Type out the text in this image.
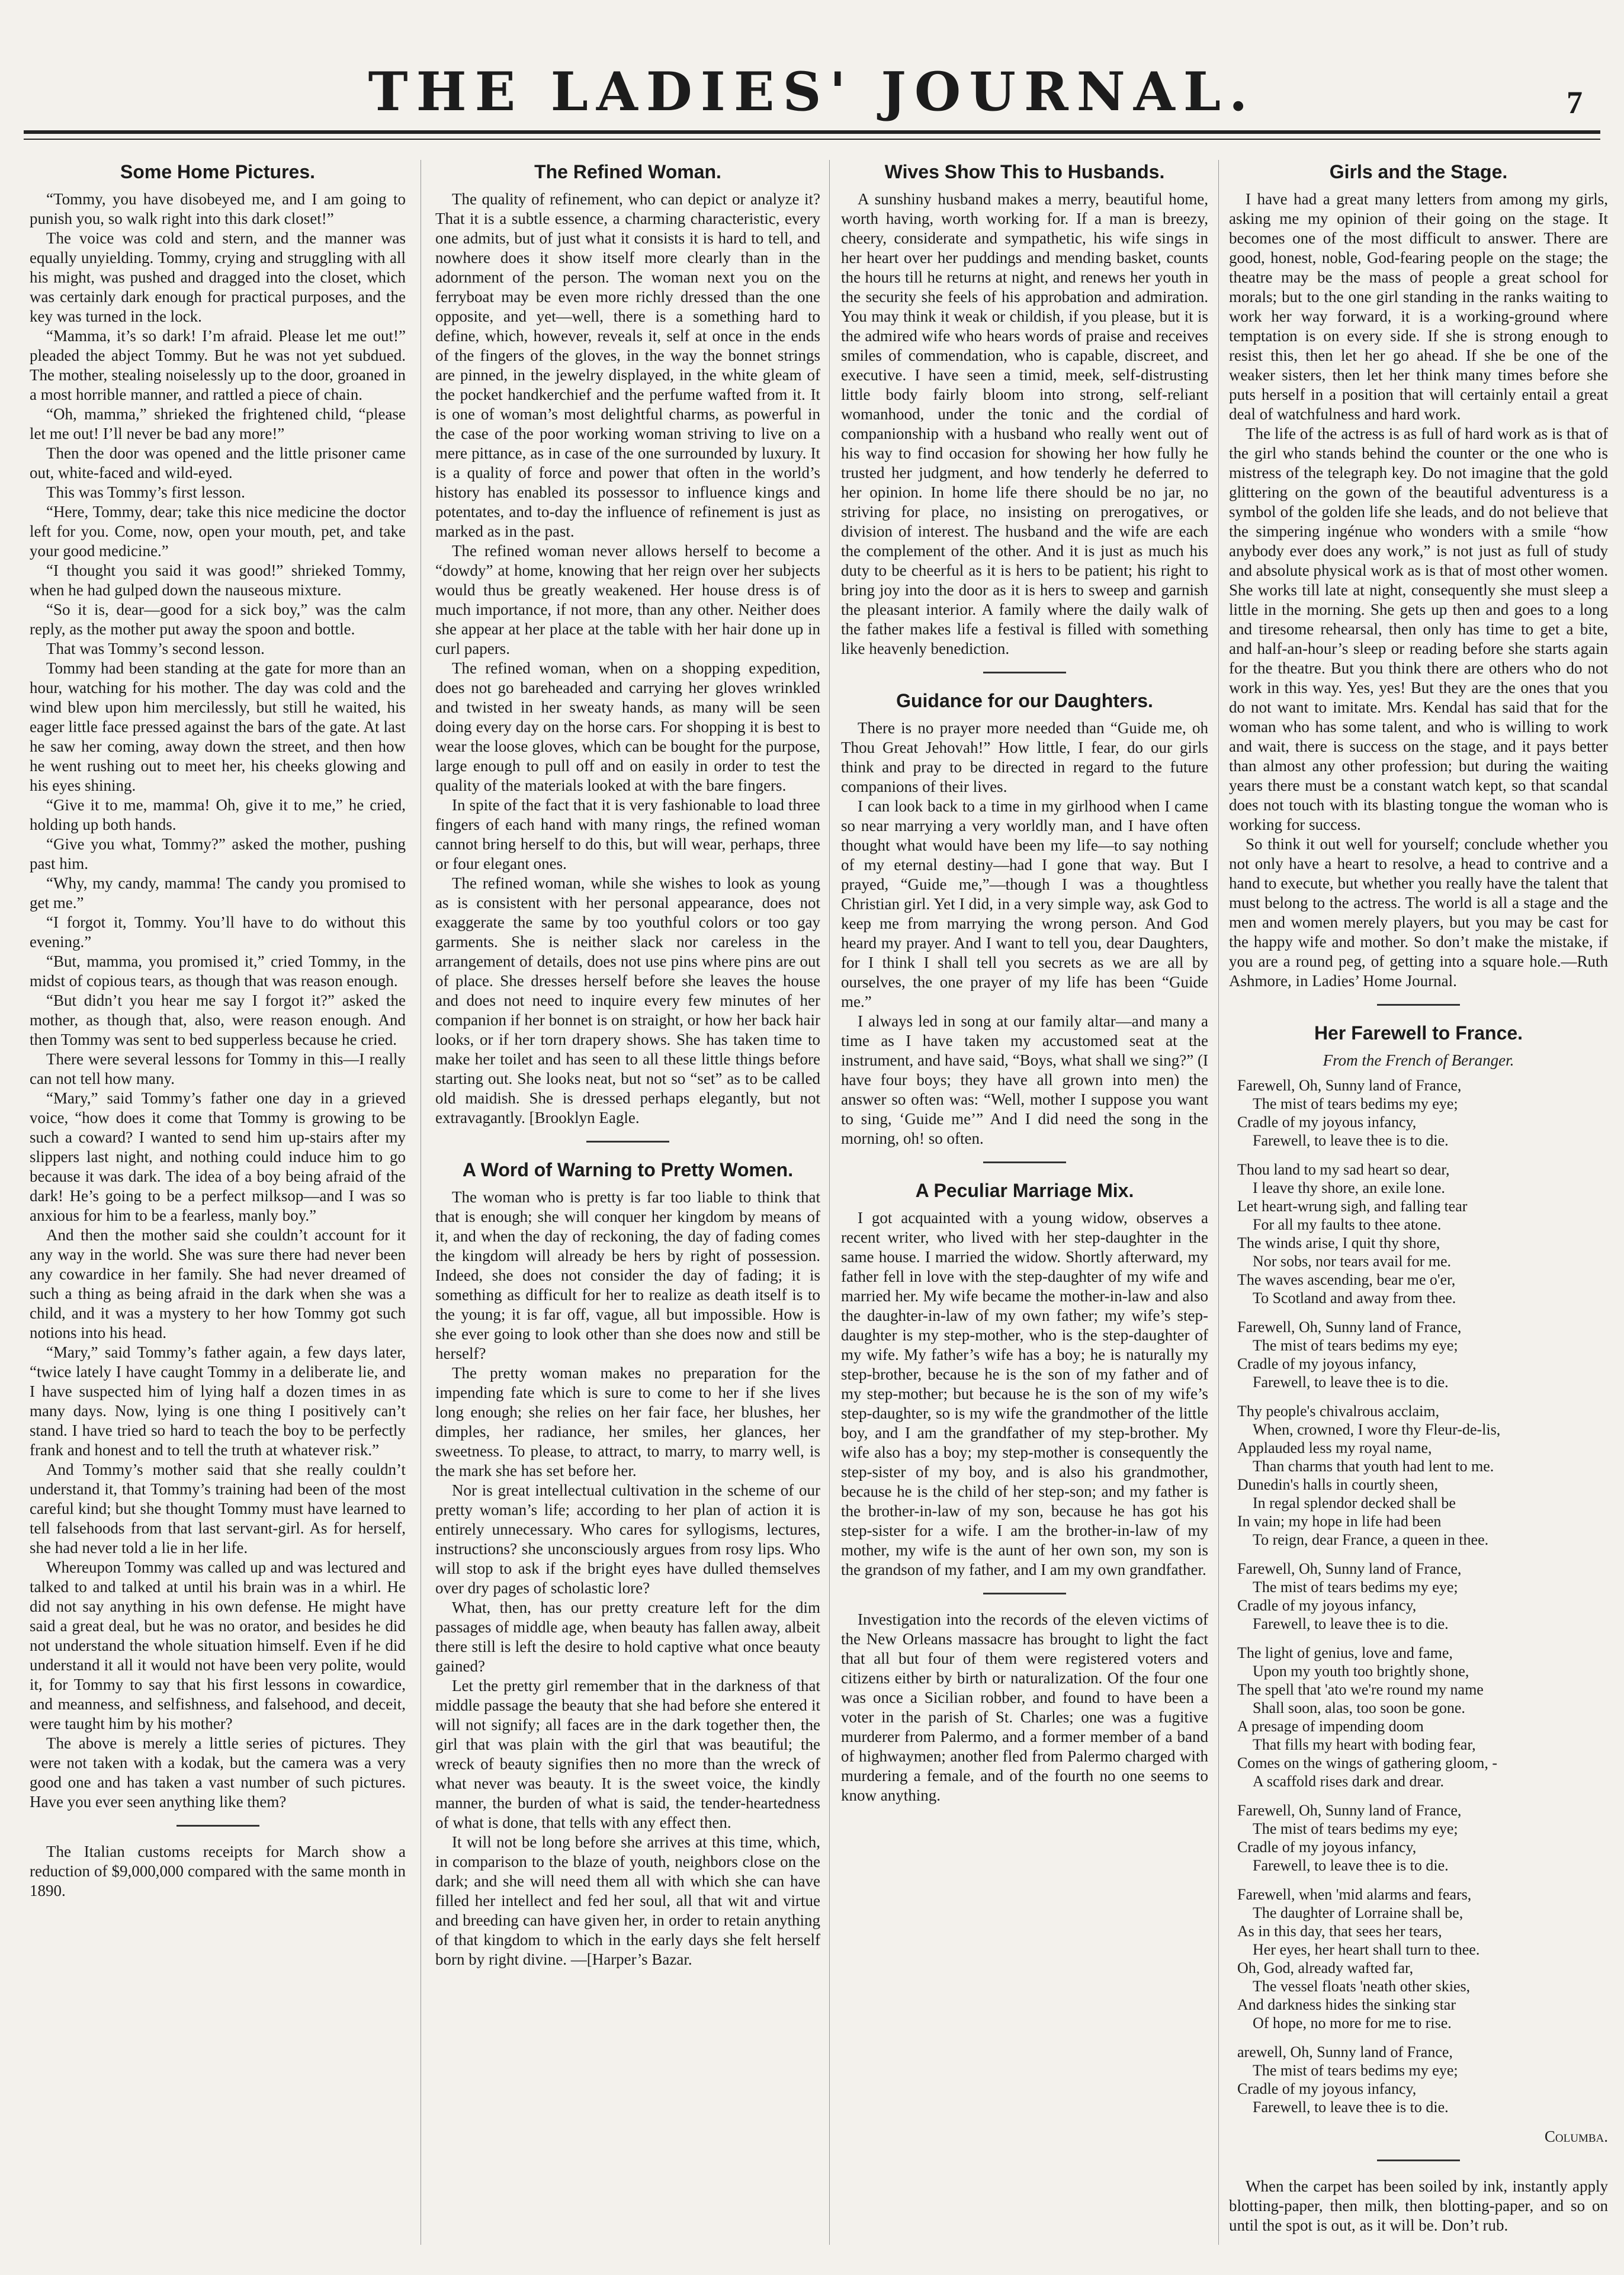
THE LADIES' JOURNAL.	7
Some Home Pictures.

“Tommy, you have disobeyed me, and I am going to punish you, so walk right into this dark closet!”

The voice was cold and stern, and the manner was equally unyielding. Tommy, crying and struggling with all his might, was pushed and dragged into the closet, which was certainly dark enough for practical purposes, and the key was turned in the lock.

“Mamma, it’s so dark! I’m afraid. Please let me out!” pleaded the abject Tommy. But he was not yet subdued. The mother, stealing noiselessly up to the door, groaned in a most horrible manner, and rattled a piece of chain.

“Oh, mamma,” shrieked the frightened child, “please let me out! I’ll never be bad any more!”

Then the door was opened and the little prisoner came out, white-faced and wild-eyed.

This was Tommy’s first lesson.

“Here, Tommy, dear; take this nice medicine the doctor left for you. Come, now, open your mouth, pet, and take your good medicine.”

“I thought you said it was good!” shrieked Tommy, when he had gulped down the nauseous mixture.

“So it is, dear—good for a sick boy,” was the calm reply, as the mother put away the spoon and bottle.

That was Tommy’s second lesson.

Tommy had been standing at the gate for more than an hour, watching for his mother. The day was cold and the wind blew upon him mercilessly, but still he waited, his eager little face pressed against the bars of the gate. At last he saw her coming, away down the street, and then how he went rushing out to meet her, his cheeks glowing and his eyes shining.

“Give it to me, mamma! Oh, give it to me,” he cried, holding up both hands.

“Give you what, Tommy?” asked the mother, pushing past him.

“Why, my candy, mamma! The candy you promised to get me.”

“I forgot it, Tommy. You’ll have to do without this evening.”

“But, mamma, you promised it,” cried Tommy, in the midst of copious tears, as though that was reason enough.

“But didn’t you hear me say I forgot it?” asked the mother, as though that, also, were reason enough. And then Tommy was sent to bed supperless because he cried.

There were several lessons for Tommy in this—I really can not tell how many.

“Mary,” said Tommy’s father one day in a grieved voice, “how does it come that Tommy is growing to be such a coward? I wanted to send him up-stairs after my slippers last night, and nothing could induce him to go because it was dark. The idea of a boy being afraid of the dark! He’s going to be a perfect milksop—and I was so anxious for him to be a fearless, manly boy.”

And then the mother said she couldn’t account for it any way in the world. She was sure there had never been any cowardice in her family. She had never dreamed of such a thing as being afraid in the dark when she was a child, and it was a mystery to her how Tommy got such notions into his head.

“Mary,” said Tommy’s father again, a few days later, “twice lately I have caught Tommy in a deliberate lie, and I have suspected him of lying half a dozen times in as many days. Now, lying is one thing I positively can’t stand. I have tried so hard to teach the boy to be perfectly frank and honest and to tell the truth at whatever risk.”

And Tommy’s mother said that she really couldn’t understand it, that Tommy’s training had been of the most careful kind; but she thought Tommy must have learned to tell falsehoods from that last servant-girl. As for herself, she had never told a lie in her life.

Whereupon Tommy was called up and was lectured and talked to and talked at until his brain was in a whirl. He did not say anything in his own defense. He might have said a great deal, but he was no orator, and besides he did not understand the whole situation himself. Even if he did understand it all it would not have been very polite, would it, for Tommy to say that his first lessons in cowardice, and meanness, and selfishness, and falsehood, and deceit, were taught him by his mother?

The above is merely a little series of pictures. They were not taken with a kodak, but the camera was a very good one and has taken a vast number of such pictures. Have you ever seen anything like them?

The Italian customs receipts for March show a reduction of $9,000,000 compared with the same month in 1890.

The Refined Woman.

The quality of refinement, who can depict or analyze it? That it is a subtle essence, a charming characteristic, every one admits, but of just what it consists it is hard to tell, and nowhere does it show itself more clearly than in the adornment of the person. The woman next you on the ferryboat may be even more richly dressed than the one opposite, and yet—well, there is a something hard to define, which, however, reveals it, self at once in the ends of the fingers of the gloves, in the way the bonnet strings are pinned, in the jewelry displayed, in the white gleam of the pocket handkerchief and the perfume wafted from it. It is one of woman’s most delightful charms, as powerful in the case of the poor working woman striving to live on a mere pittance, as in case of the one surrounded by luxury. It is a quality of force and power that often in the world’s history has enabled its possessor to influence kings and potentates, and to-day the influence of refinement is just as marked as in the past.

The refined woman never allows herself to become a “dowdy” at home, knowing that her reign over her subjects would thus be greatly weakened. Her house dress is of much importance, if not more, than any other. Neither does she appear at her place at the table with her hair done up in curl papers.

The refined woman, when on a shopping expedition, does not go bareheaded and carrying her gloves wrinkled and twisted in her sweaty hands, as many will be seen doing every day on the horse cars. For shopping it is best to wear the loose gloves, which can be bought for the purpose, large enough to pull off and on easily in order to test the quality of the materials looked at with the bare fingers.

In spite of the fact that it is very fashionable to load three fingers of each hand with many rings, the refined woman cannot bring herself to do this, but will wear, perhaps, three or four elegant ones.

The refined woman, while she wishes to look as young as is consistent with her personal appearance, does not exaggerate the same by too youthful colors or too gay garments. She is neither slack nor careless in the arrangement of details, does not use pins where pins are out of place. She dresses herself before she leaves the house and does not need to inquire every few minutes of her companion if her bonnet is on straight, or how her back hair looks, or if her torn drapery shows. She has taken time to make her toilet and has seen to all these little things before starting out. She looks neat, but not so “set” as to be called old maidish. She is dressed perhaps elegantly, but not extravagantly. [Brooklyn Eagle.

A Word of Warning to Pretty Women.

The woman who is pretty is far too liable to think that that is enough; she will conquer her kingdom by means of it, and when the day of reckoning, the day of fading comes the kingdom will already be hers by right of possession. Indeed, she does not consider the day of fading; it is something as difficult for her to realize as death itself is to the young; it is far off, vague, all but impossible. How is she ever going to look other than she does now and still be herself?

The pretty woman makes no preparation for the impending fate which is sure to come to her if she lives long enough; she relies on her fair face, her blushes, her dimples, her radiance, her smiles, her glances, her sweetness. To please, to attract, to marry, to marry well, is the mark she has set before her.

Nor is great intellectual cultivation in the scheme of our pretty woman’s life; according to her plan of action it is entirely unnecessary. Who cares for syllogisms, lectures, instructions? she unconsciously argues from rosy lips. Who will stop to ask if the bright eyes have dulled themselves over dry pages of scholastic lore?

What, then, has our pretty creature left for the dim passages of middle age, when beauty has fallen away, albeit there still is left the desire to hold captive what once beauty gained?

Let the pretty girl remember that in the darkness of that middle passage the beauty that she had before she entered it will not signify; all faces are in the dark together then, the girl that was plain with the girl that was beautiful; the wreck of beauty signifies then no more than the wreck of what never was beauty. It is the sweet voice, the kindly manner, the burden of what is said, the tender-heartedness of what is done, that tells with any effect then.

It will not be long before she arrives at this time, which, in comparison to the blaze of youth, neighbors close on the dark; and she will need them all with which she can have filled her intellect and fed her soul, all that wit and virtue and breeding can have given her, in order to retain anything of that kingdom to which in the early days she felt herself born by right divine. —[Harper’s Bazar.

Wives Show This to Husbands.

A sunshiny husband makes a merry, beautiful home, worth having, worth working for. If a man is breezy, cheery, considerate and sympathetic, his wife sings in her heart over her puddings and mending basket, counts the hours till he returns at night, and renews her youth in the security she feels of his approbation and admiration. You may think it weak or childish, if you please, but it is the admired wife who hears words of praise and receives smiles of commendation, who is capable, discreet, and executive. I have seen a timid, meek, self-distrusting little body fairly bloom into strong, self-reliant womanhood, under the tonic and the cordial of companionship with a husband who really went out of his way to find occasion for showing her how fully he trusted her judgment, and how tenderly he deferred to her opinion. In home life there should be no jar, no striving for place, no insisting on prerogatives, or division of interest. The husband and the wife are each the complement of the other. And it is just as much his duty to be cheerful as it is hers to be patient; his right to bring joy into the door as it is hers to sweep and garnish the pleasant interior. A family where the daily walk of the father makes life a festival is filled with something like heavenly benediction.

Guidance for our Daughters.

There is no prayer more needed than “Guide me, oh Thou Great Jehovah!” How little, I fear, do our girls think and pray to be directed in regard to the future companions of their lives.

I can look back to a time in my girlhood when I came so near marrying a very worldly man, and I have often thought what would have been my life—to say nothing of my eternal destiny—had I gone that way. But I prayed, “Guide me,”—though I was a thoughtless Christian girl. Yet I did, in a very simple way, ask God to keep me from marrying the wrong person. And God heard my prayer. And I want to tell you, dear Daughters, for I think I shall tell you secrets as we are all by ourselves, the one prayer of my life has been “Guide me.”

I always led in song at our family altar—and many a time as I have taken my accustomed seat at the instrument, and have said, “Boys, what shall we sing?” (I have four boys; they have all grown into men) the answer so often was: “Well, mother I suppose you want to sing, ‘Guide me’” And I did need the song in the morning, oh! so often.

A Peculiar Marriage Mix.

I got acquainted with a young widow, observes a recent writer, who lived with her step-daughter in the same house. I married the widow. Shortly afterward, my father fell in love with the step-daughter of my wife and married her. My wife became the mother-in-law and also the daughter-in-law of my own father; my wife’s step-daughter is my step-mother, who is the step-daughter of my wife. My father’s wife has a boy; he is naturally my step-brother, because he is the son of my father and of my step-mother; but because he is the son of my wife’s step-daughter, so is my wife the grandmother of the little boy, and I am the grandfather of my step-brother. My wife also has a boy; my step-mother is consequently the step-sister of my boy, and is also his grandmother, because he is the child of her step-son; and my father is the brother-in-law of my son, because he has got his step-sister for a wife. I am the brother-in-law of my mother, my wife is the aunt of her own son, my son is the grandson of my father, and I am my own grandfather.

Investigation into the records of the eleven victims of the New Orleans massacre has brought to light the fact that all but four of them were registered voters and citizens either by birth or naturalization. Of the four one was once a Sicilian robber, and found to have been a voter in the parish of St. Charles; one was a fugitive murderer from Palermo, and a former member of a band of highwaymen; another fled from Palermo charged with murdering a female, and of the fourth no one seems to know anything.

Girls and the Stage.

I have had a great many letters from among my girls, asking me my opinion of their going on the stage. It becomes one of the most difficult to answer. There are good, honest, noble, God-fearing people on the stage; the theatre may be the mass of people a great school for morals; but to the one girl standing in the ranks waiting to work her way forward, it is a working-ground where temptation is on every side. If she is strong enough to resist this, then let her go ahead. If she be one of the weaker sisters, then let her think many times before she puts herself in a position that will certainly entail a great deal of watchfulness and hard work.

The life of the actress is as full of hard work as is that of the girl who stands behind the counter or the one who is mistress of the telegraph key. Do not imagine that the gold glittering on the gown of the beautiful adventuress is a symbol of the golden life she leads, and do not believe that the simpering ingénue who wonders with a smile “how anybody ever does any work,” is not just as full of study and absolute physical work as is that of most other women. She works till late at night, consequently she must sleep a little in the morning. She gets up then and goes to a long and tiresome rehearsal, then only has time to get a bite, and half-an-hour’s sleep or reading before she starts again for the theatre. But you think there are others who do not work in this way. Yes, yes! But they are the ones that you do not want to imitate. Mrs. Kendal has said that for the woman who has some talent, and who is willing to work and wait, there is success on the stage, and it pays better than almost any other profession; but during the waiting years there must be a constant watch kept, so that scandal does not touch with its blasting tongue the woman who is working for success.

So think it out well for yourself; conclude whether you not only have a heart to resolve, a head to contrive and a hand to execute, but whether you really have the talent that must belong to the actress. The world is all a stage and the men and women merely players, but you may be cast for the happy wife and mother. So don’t make the mistake, if you are a round peg, of getting into a square hole.—Ruth Ashmore, in Ladies’ Home Journal.

Her Farewell to France.
From the French of Beranger.
Farewell, Oh, Sunny land of France,
The mist of tears bedims my eye;
Cradle of my joyous infancy,
Farewell, to leave thee is to die.
Thou land to my sad heart so dear,
I leave thy shore, an exile lone.
Let heart-wrung sigh, and falling tear
For all my faults to thee atone.
The winds arise, I quit thy shore,
Nor sobs, nor tears avail for me.
The waves ascending, bear me o'er,
To Scotland and away from thee.
Farewell, Oh, Sunny land of France,
The mist of tears bedims my eye;
Cradle of my joyous infancy,
Farewell, to leave thee is to die.
Thy people's chivalrous acclaim,
When, crowned, I wore thy Fleur-de-lis,
Applauded less my royal name,
Than charms that youth had lent to me.
Dunedin's halls in courtly sheen,
In regal splendor decked shall be
In vain; my hope in life had been
To reign, dear France, a queen in thee.
Farewell, Oh, Sunny land of France,
The mist of tears bedims my eye;
Cradle of my joyous infancy,
Farewell, to leave thee is to die.
The light of genius, love and fame,
Upon my youth too brightly shone,
The spell that 'ato we're round my name
Shall soon, alas, too soon be gone.
A presage of impending doom
That fills my heart with boding fear,
Comes on the wings of gathering gloom, -
A scaffold rises dark and drear.
Farewell, Oh, Sunny land of France,
The mist of tears bedims my eye;
Cradle of my joyous infancy,
Farewell, to leave thee is to die.
Farewell, when 'mid alarms and fears,
The daughter of Lorraine shall be,
As in this day, that sees her tears,
Her eyes, her heart shall turn to thee.
Oh, God, already wafted far,
The vessel floats 'neath other skies,
And darkness hides the sinking star
Of hope, no more for me to rise.
arewell, Oh, Sunny land of France,
The mist of tears bedims my eye;
Cradle of my joyous infancy,
Farewell, to leave thee is to die.
Columba.

When the carpet has been soiled by ink, instantly apply blotting-paper, then milk, then blotting-paper, and so on until the spot is out, as it will be. Don’t rub.
